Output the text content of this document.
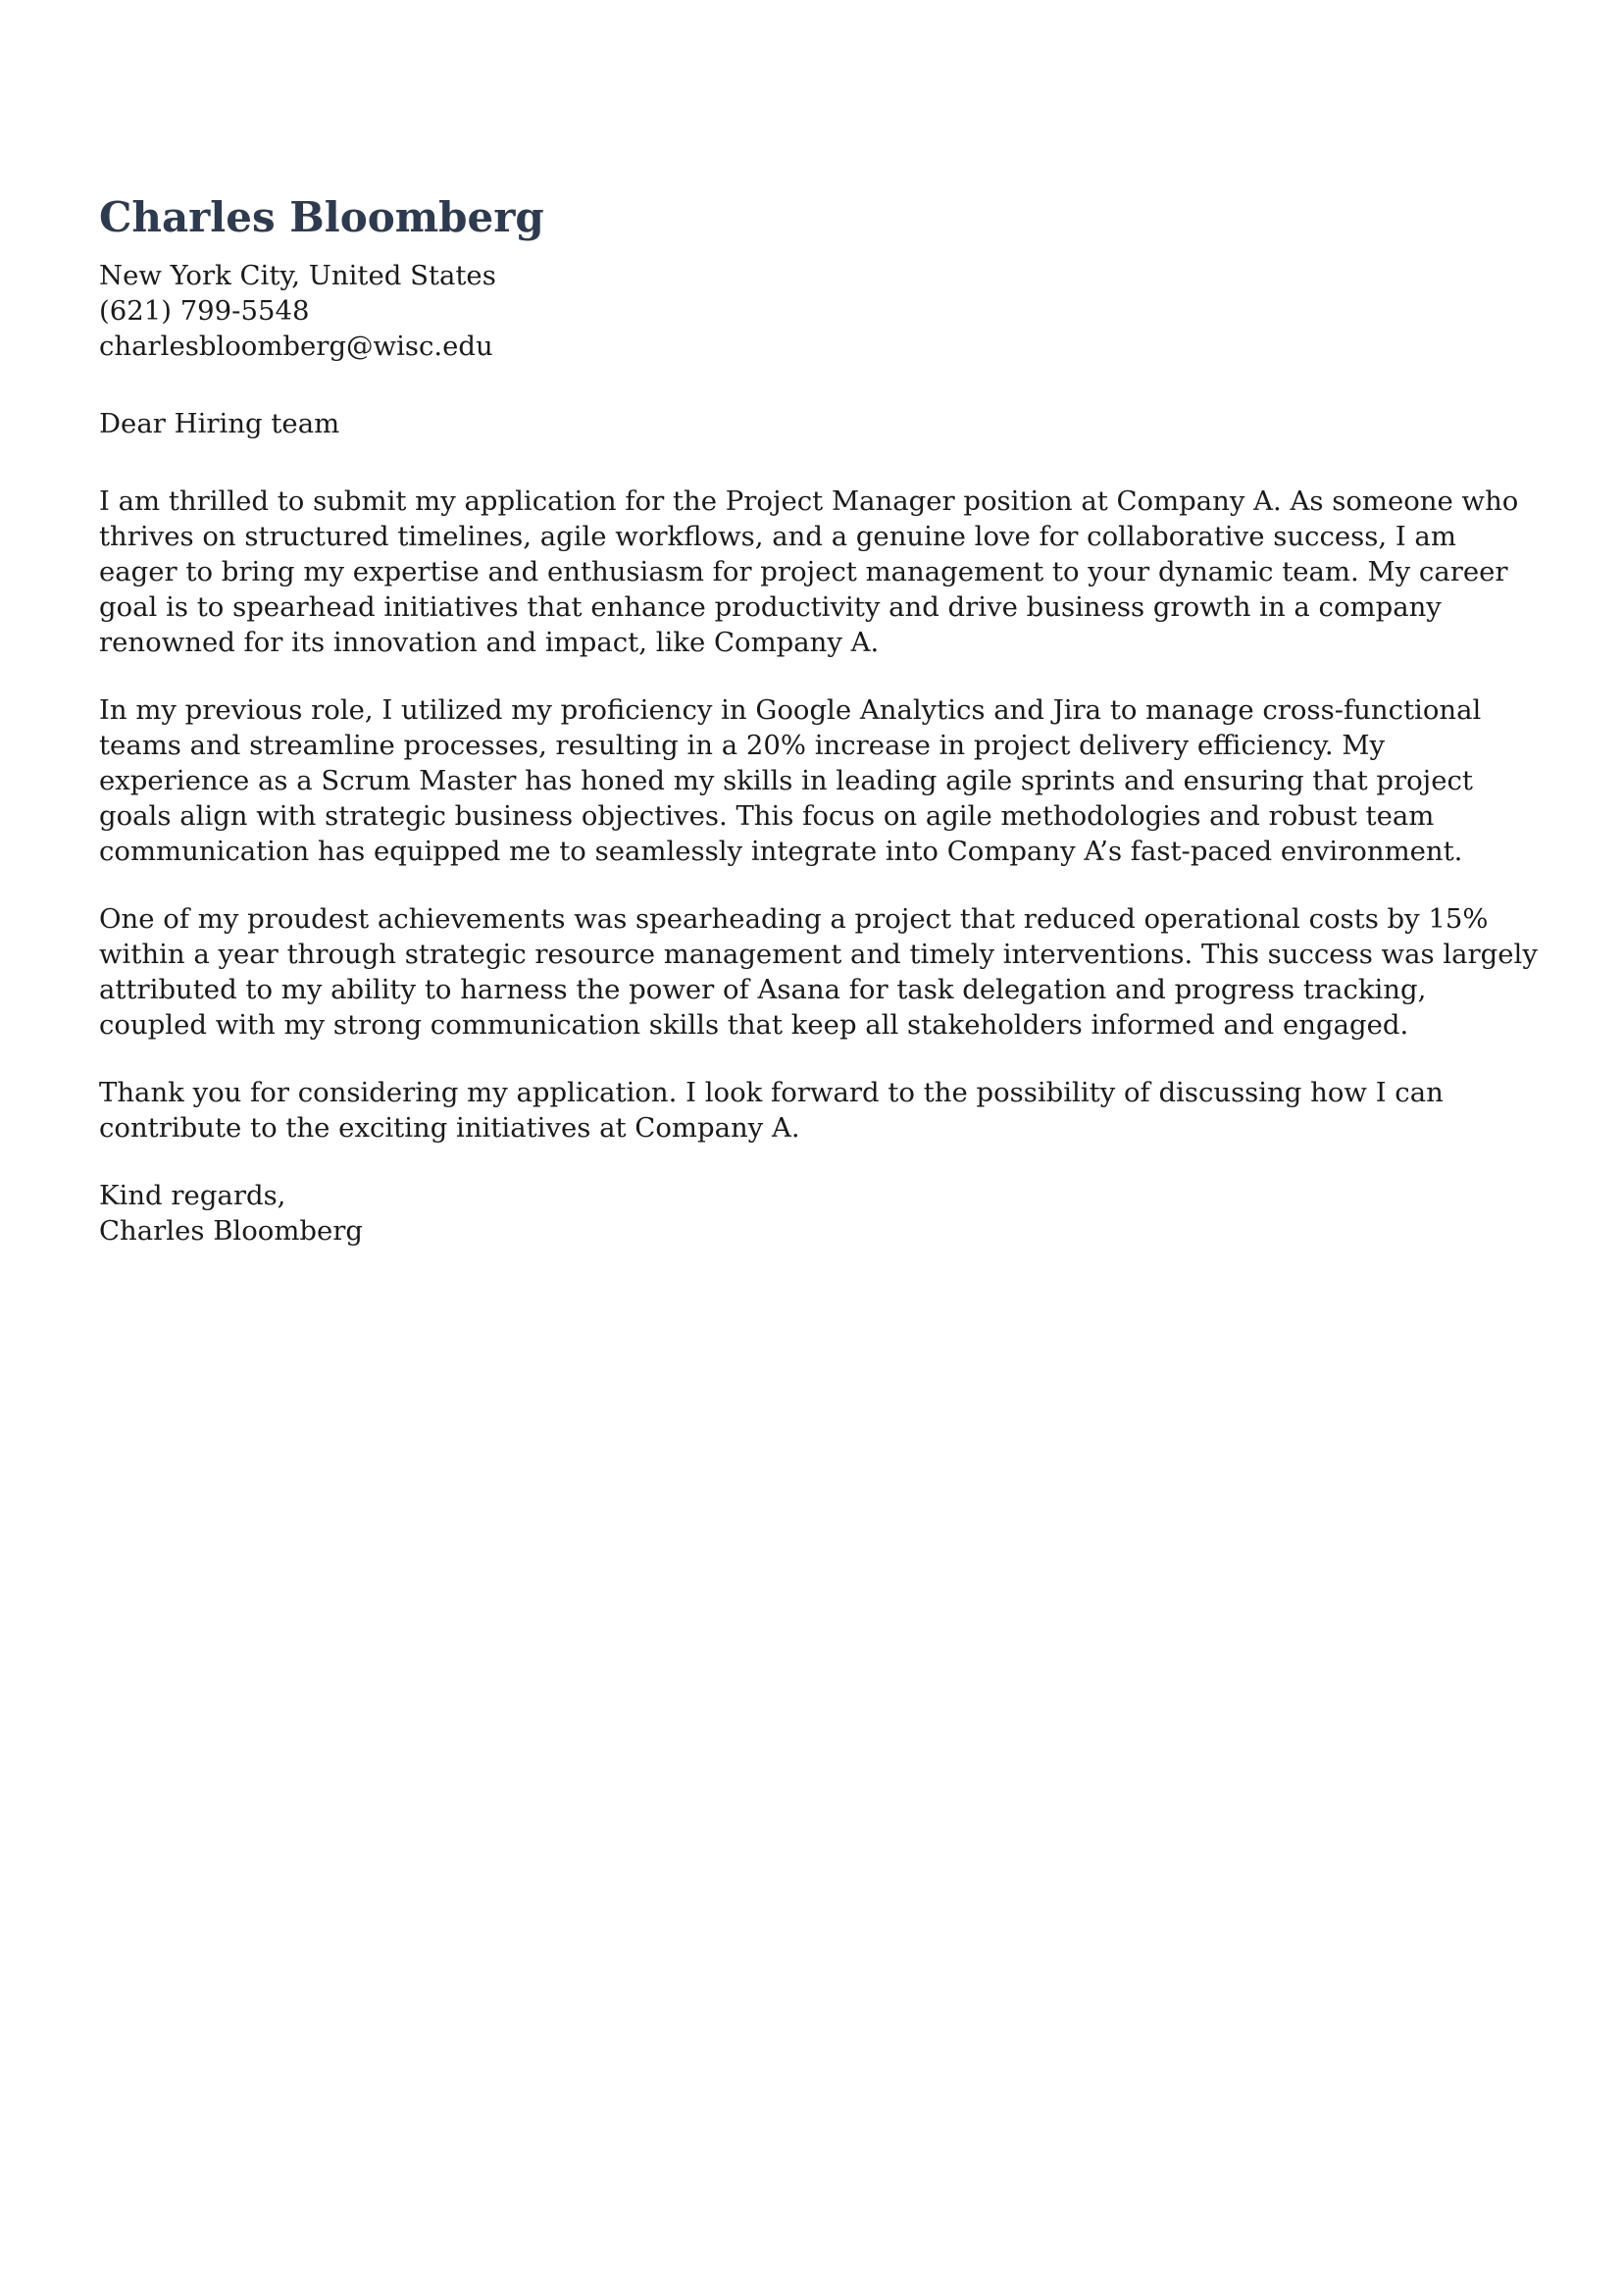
Charles Bloomberg

New York City, United States

(621) 799-5548

charlesbloomberg@wisc.edu

Dear Hiring team

I am thrilled to submit my application for the Project Manager position at Company A. As someone who thrives on structured timelines, agile workflows, and a genuine love for collaborative success, I am eager to bring my expertise and enthusiasm for project management to your dynamic team. My career goal is to spearhead initiatives that enhance productivity and drive business growth in a company renowned for its innovation and impact, like Company A.

In my previous role, I utilized my proficiency in Google Analytics and Jira to manage cross-functional teams and streamline processes, resulting in a 20% increase in project delivery efficiency. My experience as a Scrum Master has honed my skills in leading agile sprints and ensuring that project goals align with strategic business objectives. This focus on agile methodologies and robust team communication has equipped me to seamlessly integrate into Company A’s fast-paced environment.

One of my proudest achievements was spearheading a project that reduced operational costs by 15% within a year through strategic resource management and timely interventions. This success was largely attributed to my ability to harness the power of Asana for task delegation and progress tracking, coupled with my strong communication skills that keep all stakeholders informed and engaged.

Thank you for considering my application. I look forward to the possibility of discussing how I can contribute to the exciting initiatives at Company A.

Kind regards,

Charles Bloomberg
